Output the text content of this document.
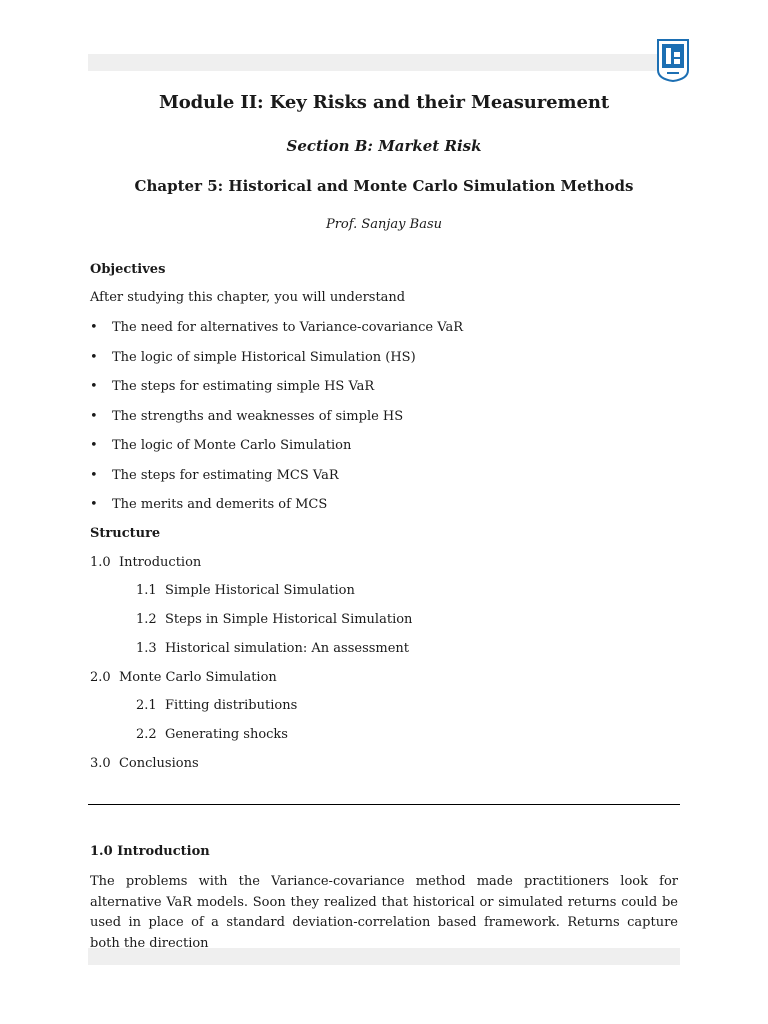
Module II: Key Risks and their Measurement
Section B: Market Risk
Chapter 5: Historical and Monte Carlo Simulation Methods
Prof. Sanjay Basu
Objectives
After studying this chapter, you will understand
• The need for alternatives to Variance-covariance VaR
• The logic of simple Historical Simulation (HS)
• The steps for estimating simple HS VaR
• The strengths and weaknesses of simple HS
• The logic of Monte Carlo Simulation
• The steps for estimating MCS VaR
• The merits and demerits of MCS
Structure
1.0 Introduction
1.1 Simple Historical Simulation
1.2 Steps in Simple Historical Simulation
1.3 Historical simulation: An assessment
2.0 Monte Carlo Simulation
2.1 Fitting distributions
2.2 Generating shocks
3.0 Conclusions
1.0 Introduction
The problems with the Variance-covariance method made practitioners look for alternative VaR models. Soon they realized that historical or simulated returns could be used in place of a standard deviation-correlation based framework. Returns capture both the direction
